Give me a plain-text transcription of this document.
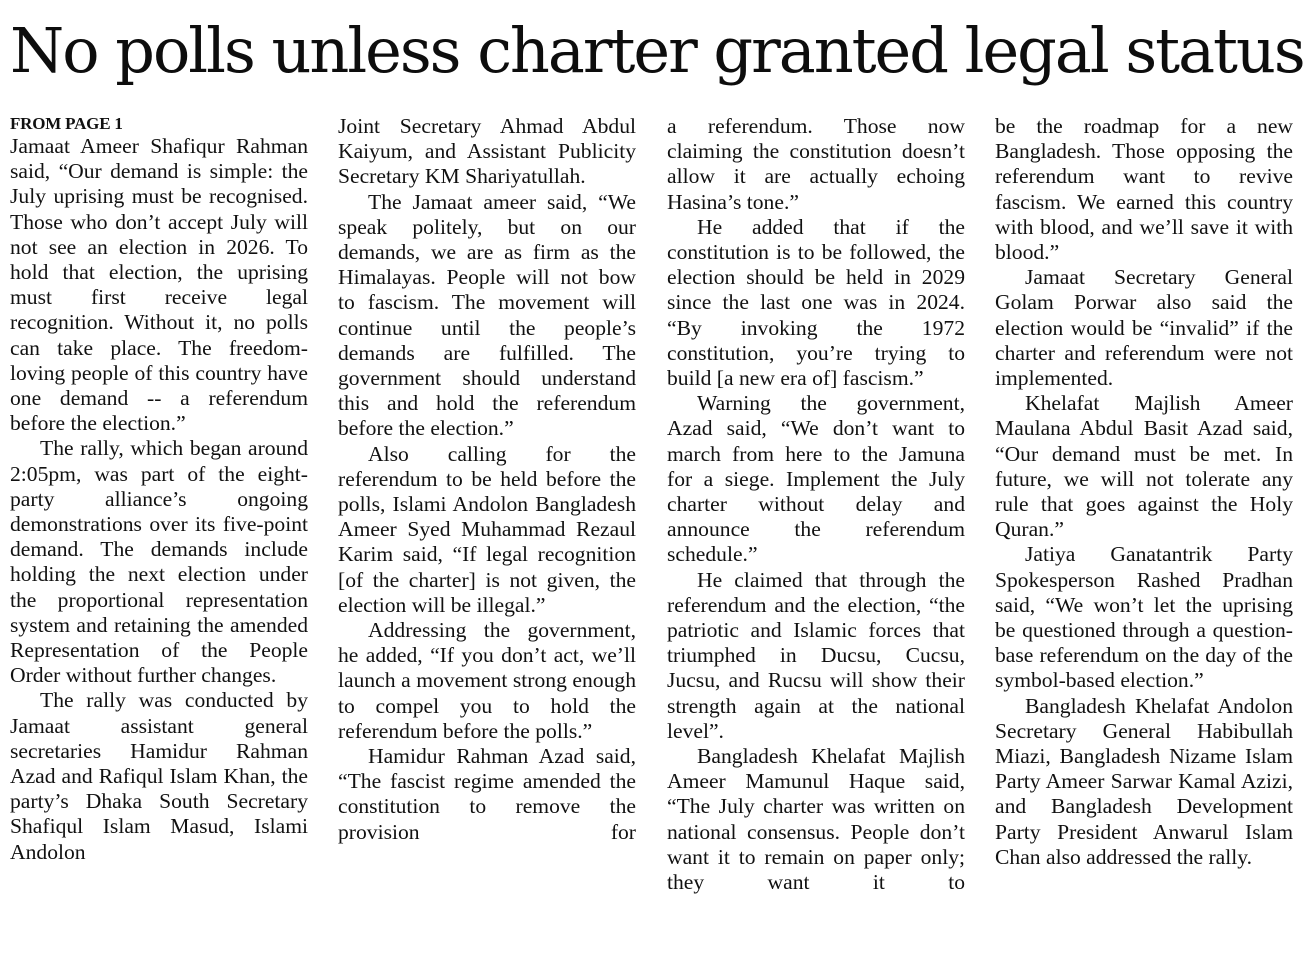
No polls unless charter granted legal status

FROM PAGE 1

Jamaat Ameer Shafiqur Rahman said, “Our demand is simple: the July uprising must be recognised. Those who don’t accept July will not see an election in 2026. To hold that election, the uprising must first receive legal recognition. Without it, no polls can take place. The freedom-loving people of this country have one demand -- a referendum before the election.”

The rally, which began around 2:05pm, was part of the eight-party alliance’s ongoing demonstrations over its five-point demand. The demands include holding the next election under the proportional representation system and retaining the amended Representation of the People Order without further changes.

The rally was conducted by Jamaat assistant general secretaries Hamidur Rahman Azad and Rafiqul Islam Khan, the party’s Dhaka South Secretary Shafiqul Islam Masud, Islami Andolon

Joint Secretary Ahmad Abdul Kaiyum, and Assistant Publicity Secretary KM Shariyatullah.

The Jamaat ameer said, “We speak politely, but on our demands, we are as firm as the Himalayas. People will not bow to fascism. The movement will continue until the people’s demands are fulfilled. The government should understand this and hold the referendum before the election.”

Also calling for the referendum to be held before the polls, Islami Andolon Bangladesh Ameer Syed Muhammad Rezaul Karim said, “If legal recognition [of the charter] is not given, the election will be illegal.”

Addressing the government, he added, “If you don’t act, we’ll launch a movement strong enough to compel you to hold the referendum before the polls.”

Hamidur Rahman Azad said, “The fascist regime amended the constitution to remove the provision for

a referendum. Those now claiming the constitution doesn’t allow it are actually echoing Hasina’s tone.”

He added that if the constitution is to be followed, the election should be held in 2029 since the last one was in 2024. “By invoking the 1972 constitution, you’re trying to build [a new era of] fascism.”

Warning the government, Azad said, “We don’t want to march from here to the Jamuna for a siege. Implement the July charter without delay and announce the referendum schedule.”

He claimed that through the referendum and the election, “the patriotic and Islamic forces that triumphed in Ducsu, Cucsu, Jucsu, and Rucsu will show their strength again at the national level”.

Bangladesh Khelafat Majlish Ameer Mamunul Haque said, “The July charter was written on national consensus. People don’t want it to remain on paper only; they want it to

be the roadmap for a new Bangladesh. Those opposing the referendum want to revive fascism. We earned this country with blood, and we’ll save it with blood.”

Jamaat Secretary General Golam Porwar also said the election would be “invalid” if the charter and referendum were not implemented.

Khelafat Majlish Ameer Maulana Abdul Basit Azad said, “Our demand must be met. In future, we will not tolerate any rule that goes against the Holy Quran.”

Jatiya Ganatantrik Party Spokesperson Rashed Pradhan said, “We won’t let the uprising be questioned through a question-base referendum on the day of the symbol-based election.”

Bangladesh Khelafat Andolon Secretary General Habibullah Miazi, Bangladesh Nizame Islam Party Ameer Sarwar Kamal Azizi, and Bangladesh Development Party President Anwarul Islam Chan also addressed the rally.
